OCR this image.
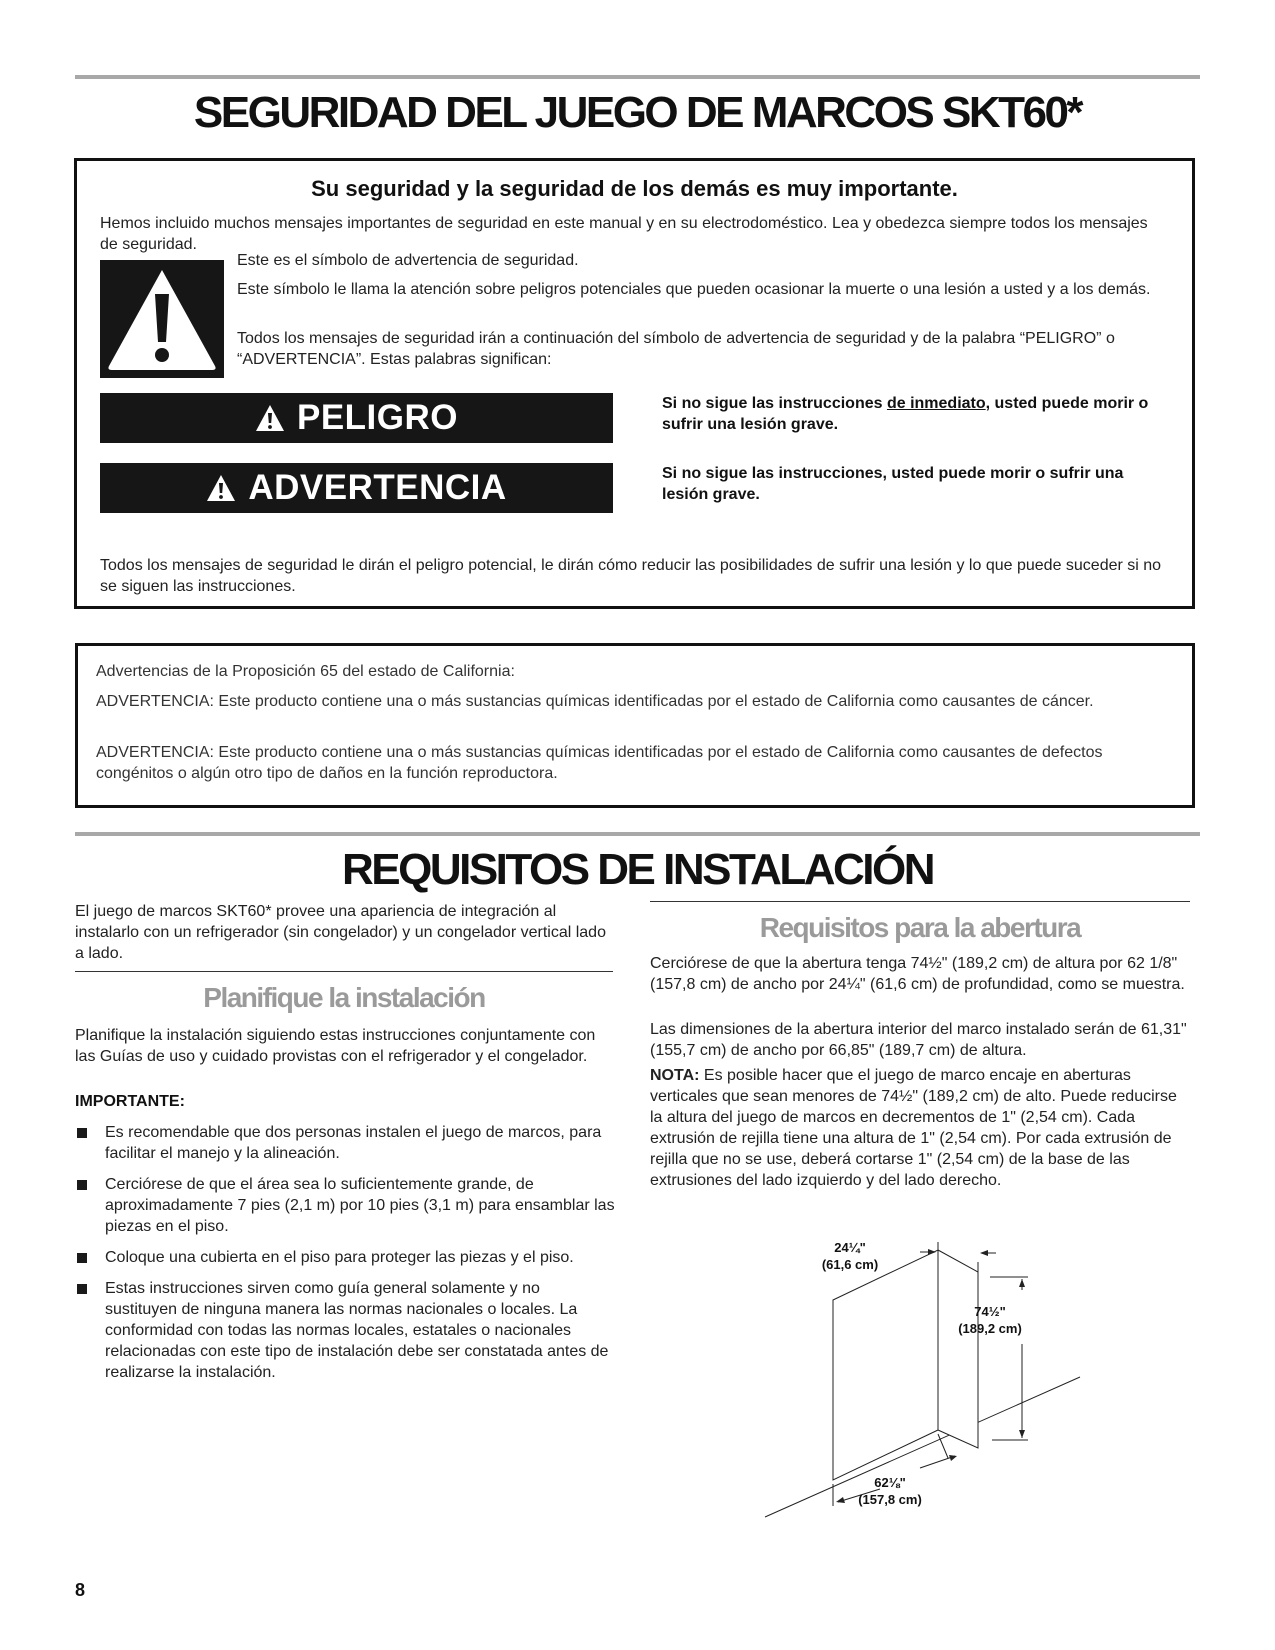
SEGURIDAD DEL JUEGO DE MARCOS SKT60*
Su seguridad y la seguridad de los demás es muy importante.
Hemos incluido muchos mensajes importantes de seguridad en este manual y en su electrodoméstico. Lea y obedezca siempre todos los mensajes de seguridad.
Este es el símbolo de advertencia de seguridad.
Este símbolo le llama la atención sobre peligros potenciales que pueden ocasionar la muerte o una lesión a usted y a los demás.
Todos los mensajes de seguridad irán a continuación del símbolo de advertencia de seguridad y de la palabra “PELIGRO” o “ADVERTENCIA”. Estas palabras significan:
PELIGRO	Si no sigue las instrucciones de inmediato, usted puede morir o sufrir una lesión grave.
ADVERTENCIA	Si no sigue las instrucciones, usted puede morir o sufrir una lesión grave.
Todos los mensajes de seguridad le dirán el peligro potencial, le dirán cómo reducir las posibilidades de sufrir una lesión y lo que puede suceder si no se siguen las instrucciones.
Advertencias de la Proposición 65 del estado de California:
ADVERTENCIA: Este producto contiene una o más sustancias químicas identificadas por el estado de California como causantes de cáncer.
ADVERTENCIA: Este producto contiene una o más sustancias químicas identificadas por el estado de California como causantes de defectos congénitos o algún otro tipo de daños en la función reproductora.
REQUISITOS DE INSTALACIÓN
El juego de marcos SKT60* provee una apariencia de integración al instalarlo con un refrigerador (sin congelador) y un congelador vertical lado a lado.
Planifique la instalación
Planifique la instalación siguiendo estas instrucciones conjuntamente con las Guías de uso y cuidado provistas con el refrigerador y el congelador.
IMPORTANTE:
Es recomendable que dos personas instalen el juego de marcos, para facilitar el manejo y la alineación.
Cerciórese de que el área sea lo suficientemente grande, de aproximadamente 7 pies (2,1 m) por 10 pies (3,1 m) para ensamblar las piezas en el piso.
Coloque una cubierta en el piso para proteger las piezas y el piso.
Estas instrucciones sirven como guía general solamente y no sustituyen de ninguna manera las normas nacionales o locales. La conformidad con todas las normas locales, estatales o nacionales relacionadas con este tipo de instalación debe ser constatada antes de realizarse la instalación.
Requisitos para la abertura
Cerciórese de que la abertura tenga 74½" (189,2 cm) de altura por 62 1/8" (157,8 cm) de ancho por 24¼" (61,6 cm) de profundidad, como se muestra.
Las dimensiones de la abertura interior del marco instalado serán de 61,31" (155,7 cm) de ancho por 66,85" (189,7 cm) de altura.
NOTA: Es posible hacer que el juego de marco encaje en aberturas verticales que sean menores de 74½" (189,2 cm) de alto. Puede reducirse la altura del juego de marcos en decrementos de 1" (2,54 cm). Cada extrusión de rejilla tiene una altura de 1" (2,54 cm). Por cada extrusión de rejilla que no se use, deberá cortarse 1" (2,54 cm) de la base de las extrusiones del lado izquierdo y del lado derecho.
24¼"
(61,6 cm)
74½"
(189,2 cm)
62⅛"
(157,8 cm)
8
